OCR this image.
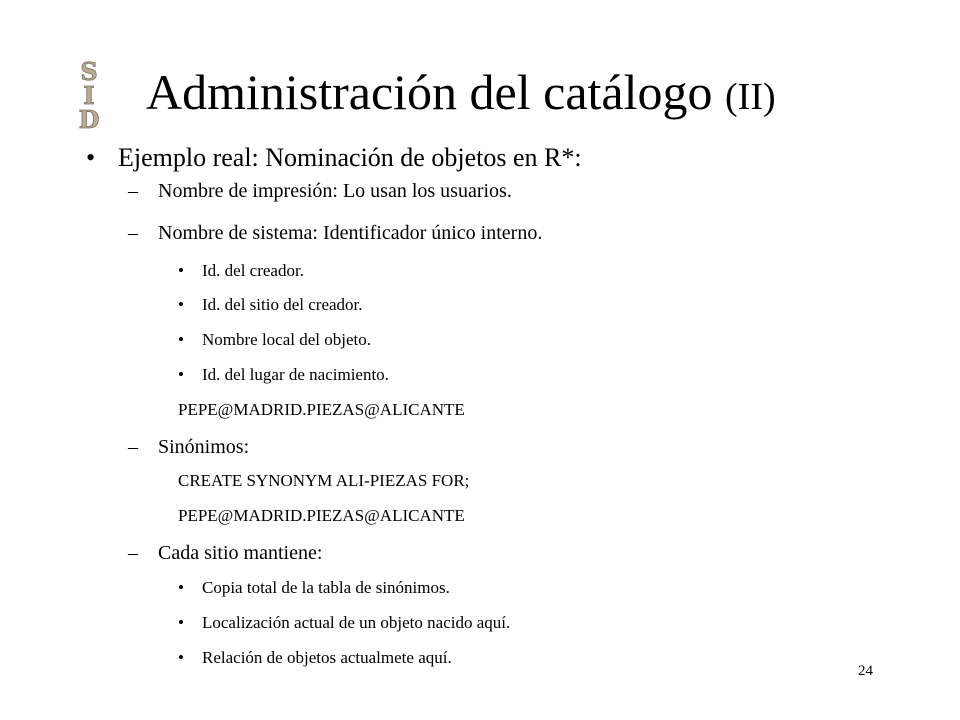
S
I
D Administración del catálogo (II)
• Ejemplo real: Nominación de objetos en R*:
– Nombre de impresión: Lo usan los usuarios.
– Nombre de sistema: Identificador único interno.
• Id. del creador.
• Id. del sitio del creador.
• Nombre local del objeto.
• Id. del lugar de nacimiento.
PEPE@MADRID.PIEZAS@ALICANTE
– Sinónimos:
CREATE SYNONYM ALI-PIEZAS FOR;
PEPE@MADRID.PIEZAS@ALICANTE
– Cada sitio mantiene:
• Copia total de la tabla de sinónimos.
• Localización actual de un objeto nacido aquí.
• Relación de objetos actualmete aquí.
24
